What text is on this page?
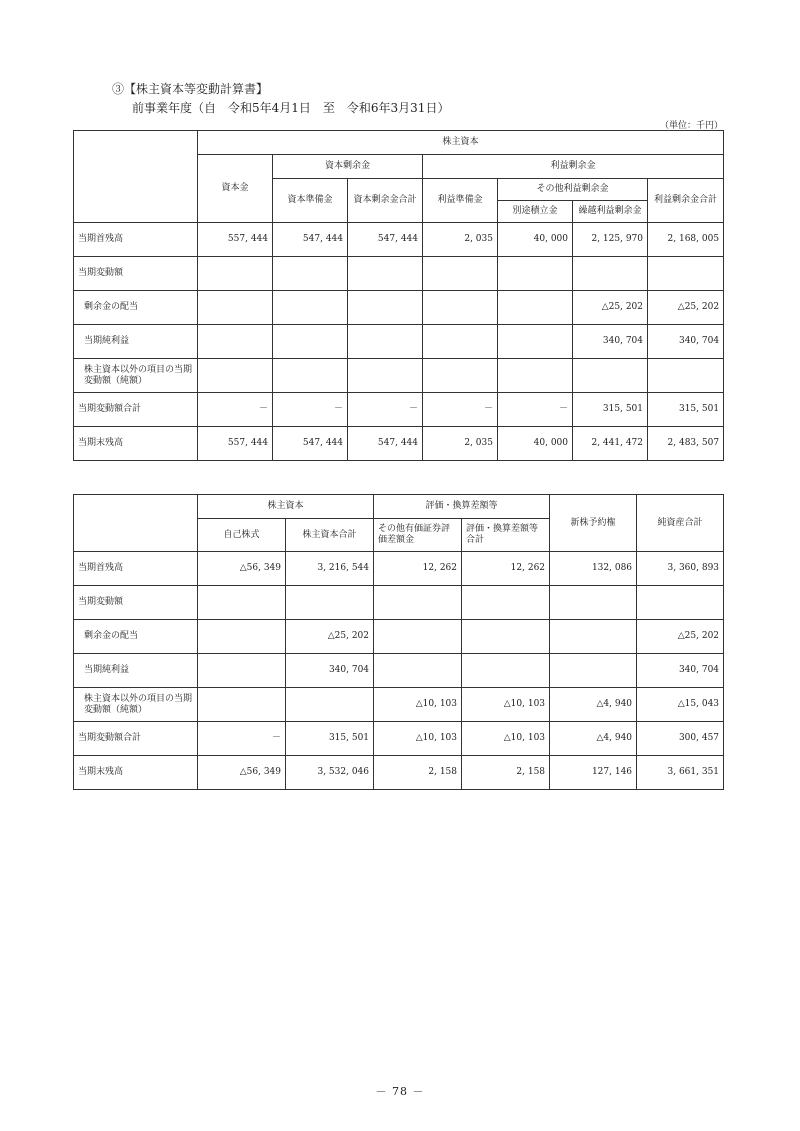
③【株主資本等変動計算書】
前事業年度（自　令和5年4月1日　至　令和6年3月31日）
（単位：千円）
	株主資本						
	資本金	資本剰余金		利益剰余金			
		資本準備金	資本剰余金合計	利益準備金	その他利益剰余金		利益剰余金合計
					別途積立金	繰越利益剰余金	
当期首残高	557, 444	547, 444	547, 444	2, 035	40, 000	2, 125, 970	2, 168, 005
当期変動額							
剰余金の配当						△25, 202	△25, 202
当期純利益						340, 704	340, 704
株主資本以外の項目の当期変動額（純額）							
当期変動額合計	－	－	－	－	－	315, 501	315, 501
当期末残高	557, 444	547, 444	547, 444	2, 035	40, 000	2, 441, 472	2, 483, 507
	株主資本		評価・換算差額等		新株予約権	純資産合計
	自己株式	株主資本合計	その他有価証券評価差額金	評価・換算差額等合計		
当期首残高	△56, 349	3, 216, 544	12, 262	12, 262	132, 086	3, 360, 893
当期変動額						
剰余金の配当		△25, 202				△25, 202
当期純利益		340, 704				340, 704
株主資本以外の項目の当期変動額（純額）			△10, 103	△10, 103	△4, 940	△15, 043
当期変動額合計	－	315, 501	△10, 103	△10, 103	△4, 940	300, 457
当期末残高	△56, 349	3, 532, 046	2, 158	2, 158	127, 146	3, 661, 351
－ 78 －
